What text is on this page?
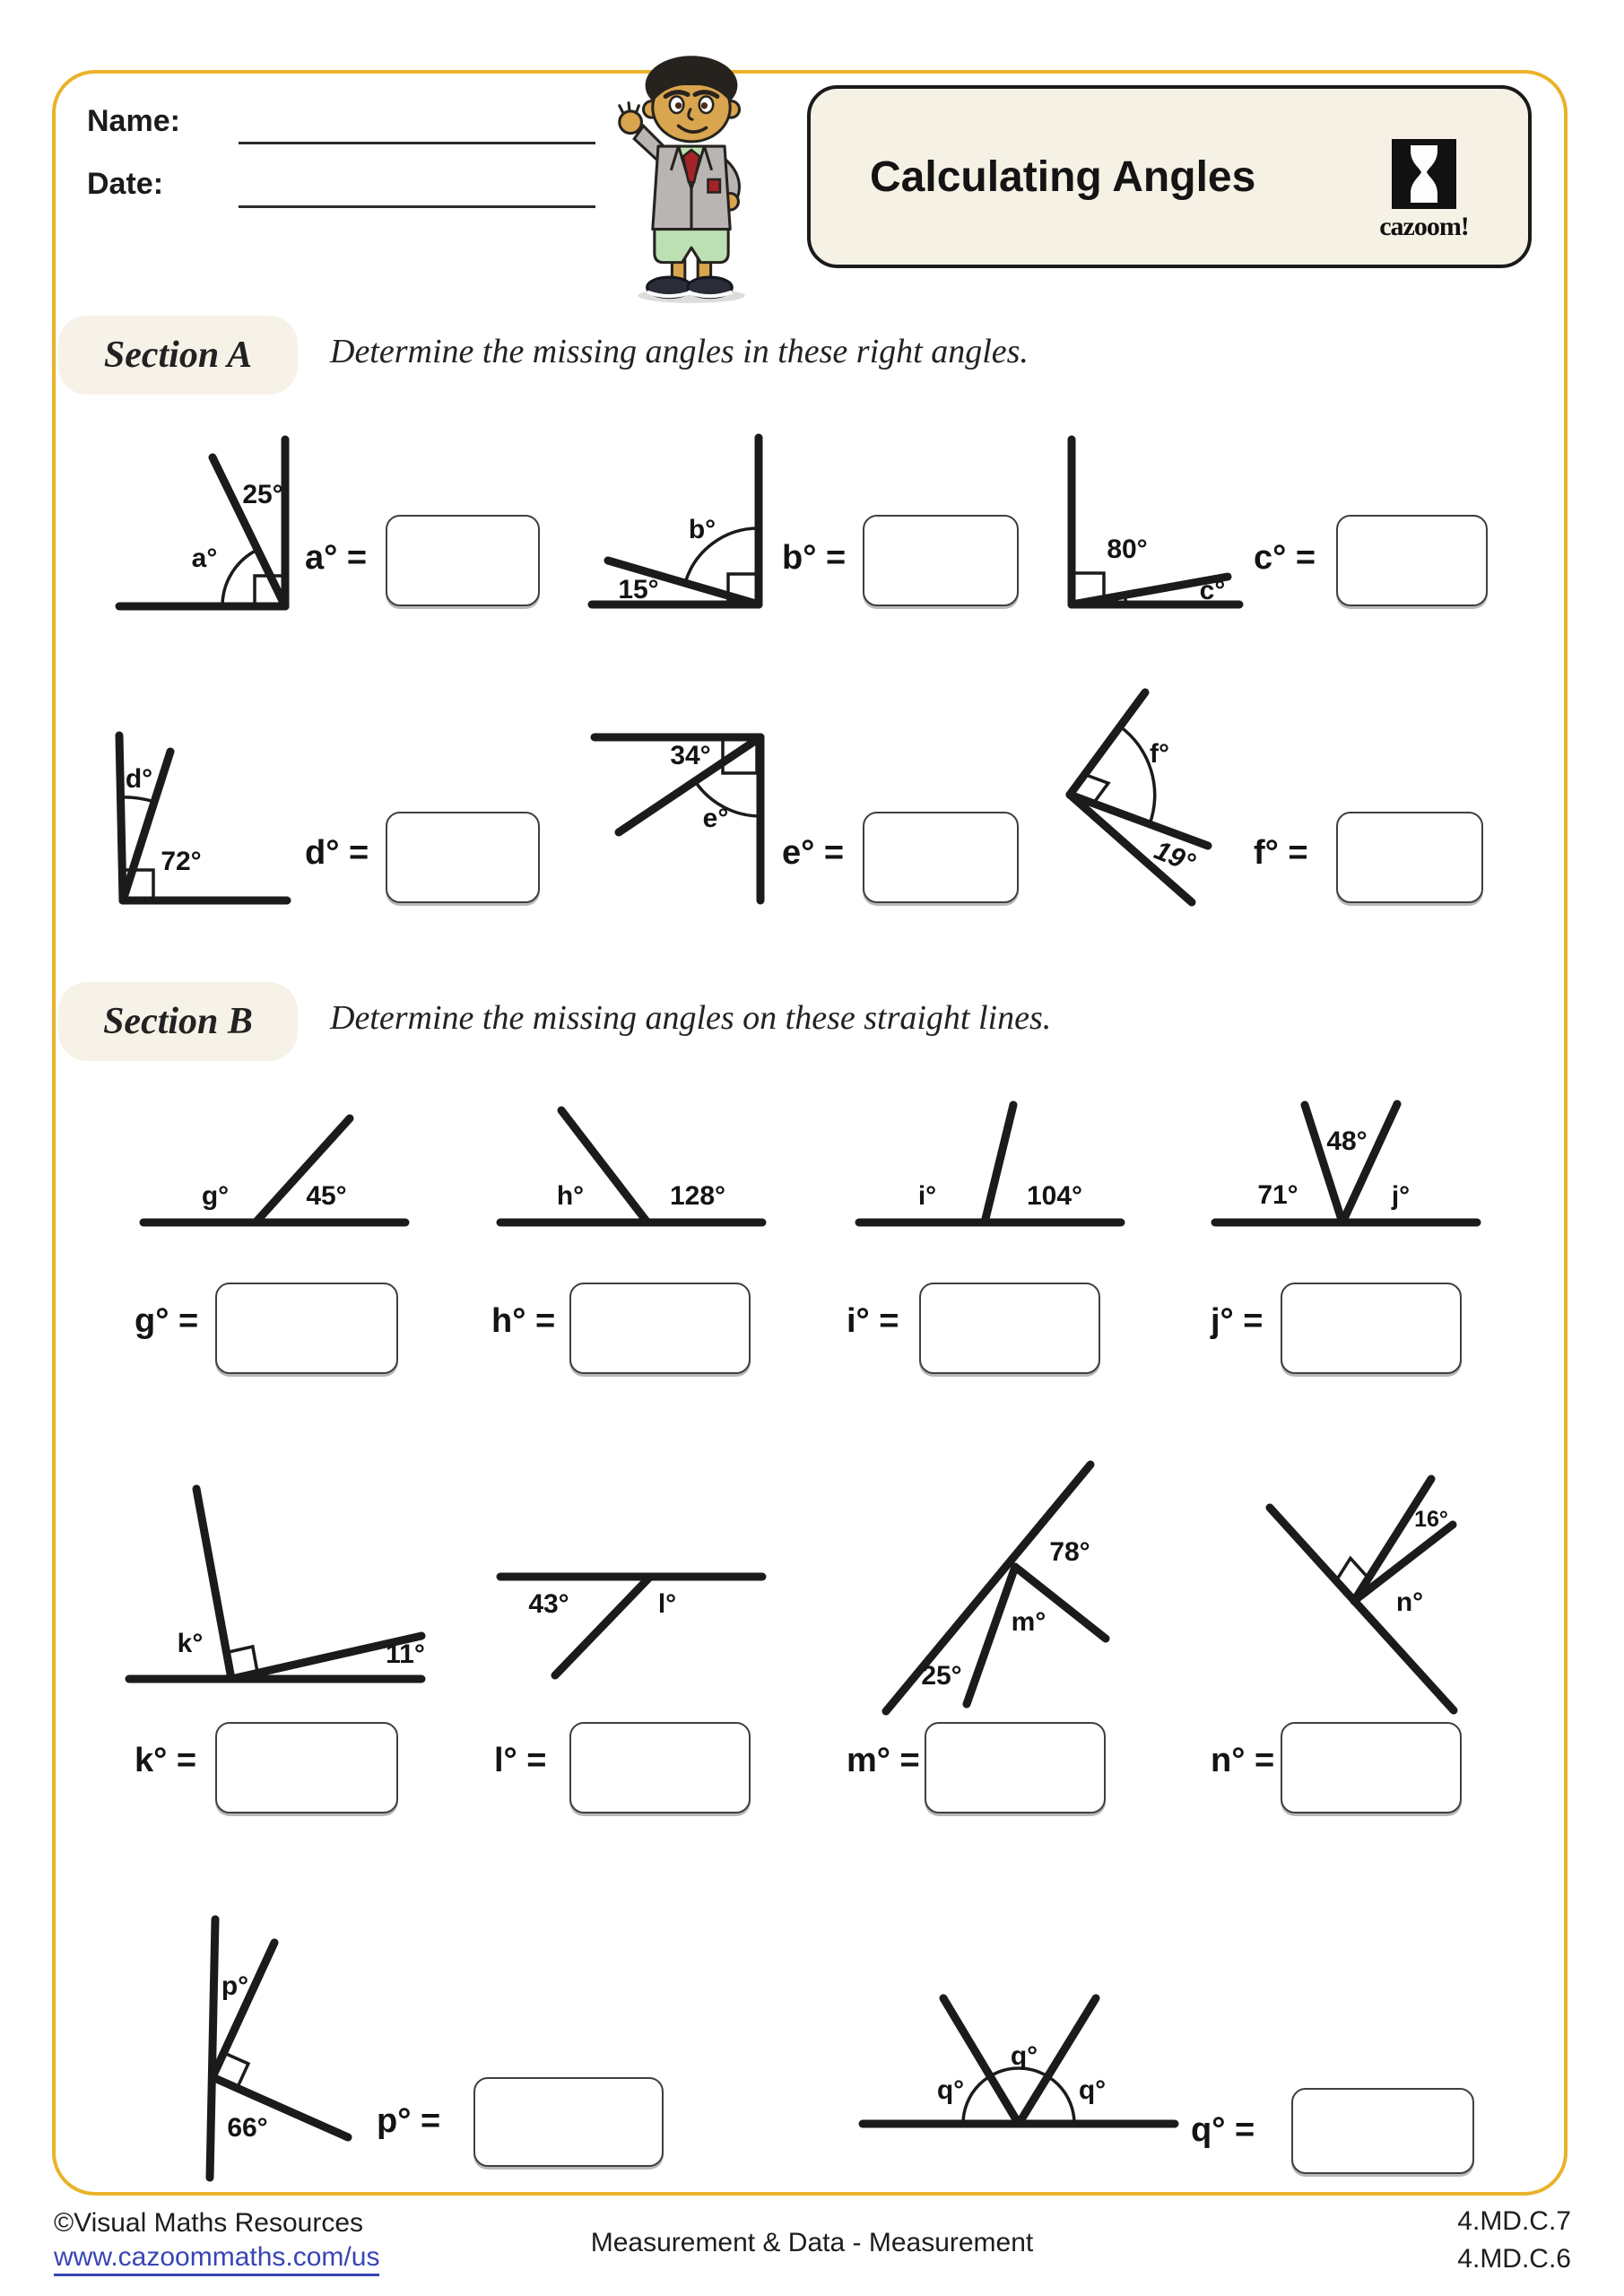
Name:
Date:	Calculating Angles
cazoom!
Section A Determine the missing angles in these right angles.
Section B Determine the missing angles on these straight lines.
25°
a°
b°
15°
80°
c°
d°
72°
34°
e°
f°
19°
g°	45°	h°	128°	i°	104°	71°
48°
j°
k°	11°
43°	l°
78°
m°
25°
16°
n°
p°
66°
q°
q°
q°
a° =	b° =	c° =
d° =	e° =	f° =
g° =	h° =	i° =	j° =
k° =	l° =	m° =	n° =
p° =	q° =
©Visual Maths Resources
www.cazoommaths.com/us	Measurement & Data - Measurement
4.MD.C.7
4.MD.C.6
